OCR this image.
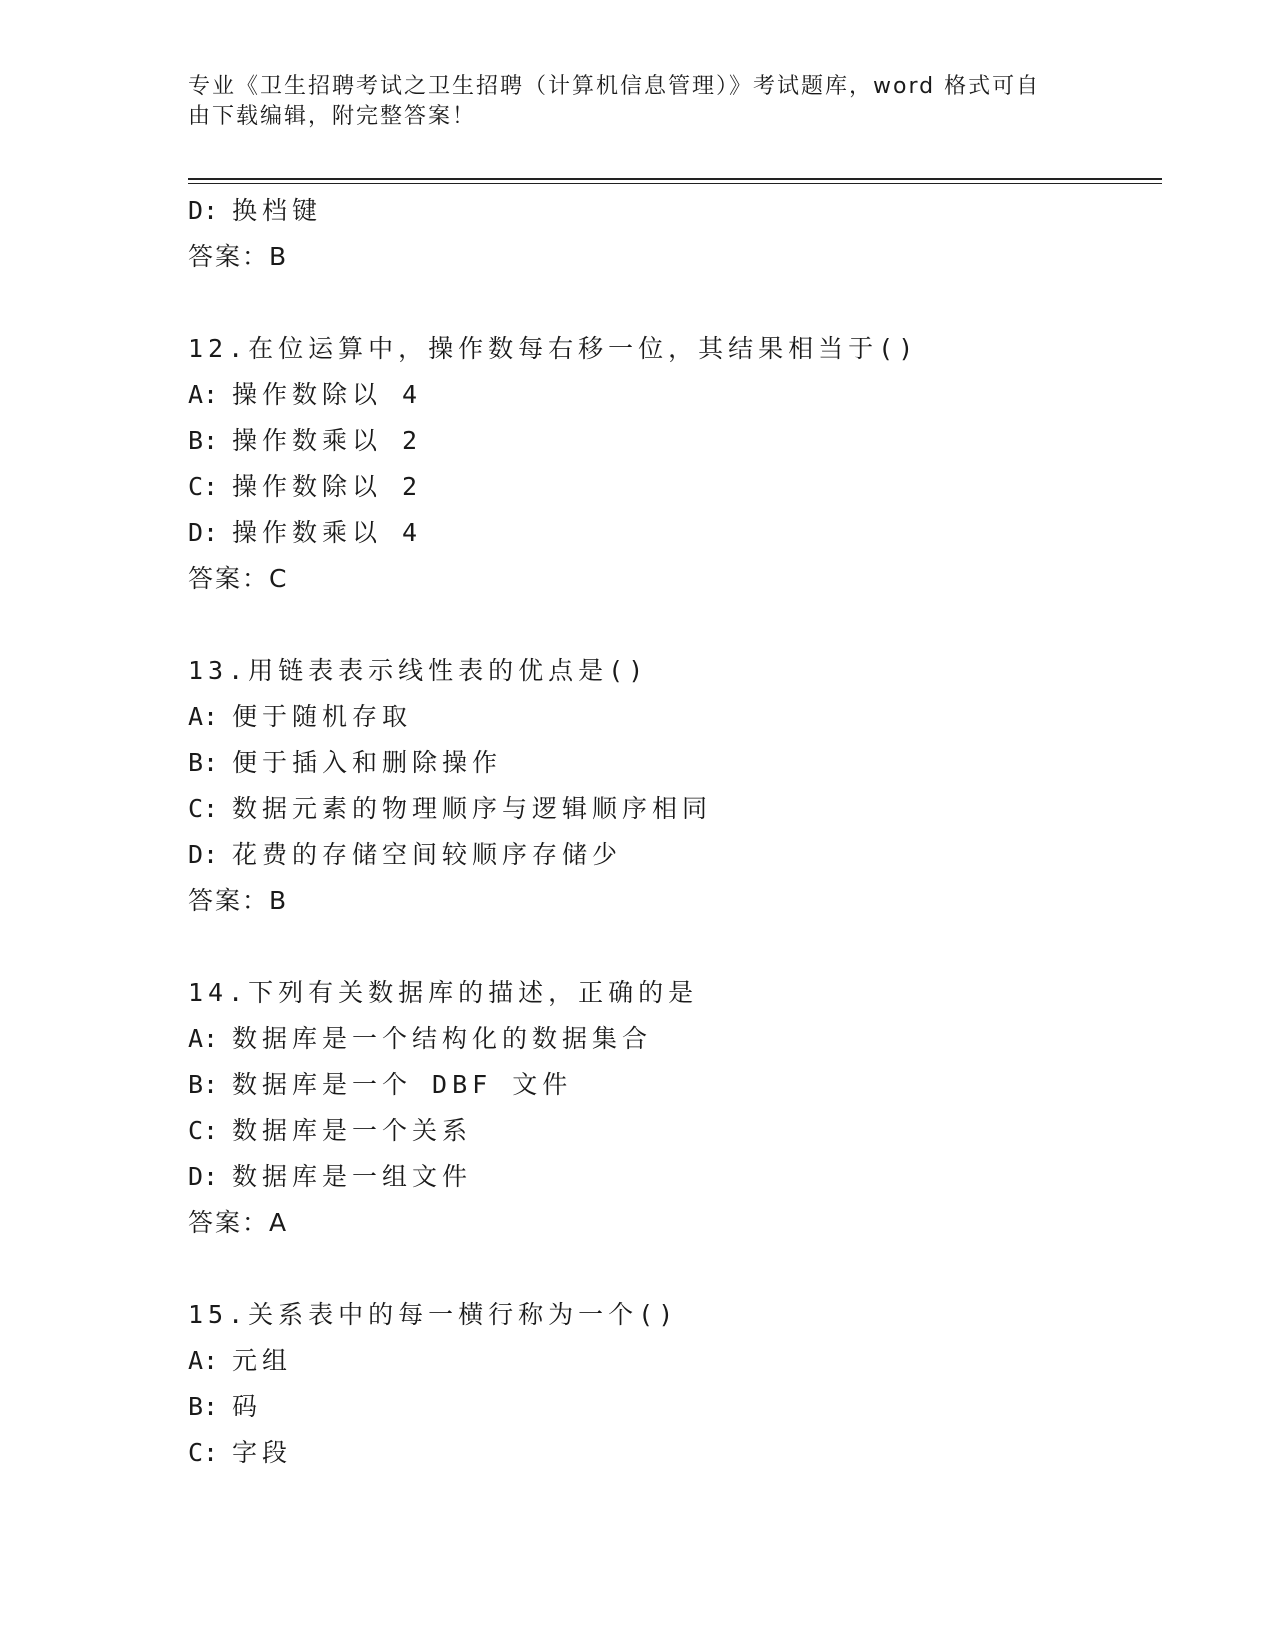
专业《卫生招聘考试之卫生招聘（计算机信息管理）》考试题库，word 格式可自
由下载编辑，附完整答案！
D: 换档键
答案：B
12.在位运算中，操作数每右移一位，其结果相当于()
A: 操作数除以 4
B: 操作数乘以 2
C: 操作数除以 2
D: 操作数乘以 4
答案：C
13.用链表表示线性表的优点是()
A: 便于随机存取
B: 便于插入和删除操作
C: 数据元素的物理顺序与逻辑顺序相同
D: 花费的存储空间较顺序存储少
答案：B
14.下列有关数据库的描述，正确的是
A: 数据库是一个结构化的数据集合
B: 数据库是一个 DBF 文件
C: 数据库是一个关系
D: 数据库是一组文件
答案：A
15.关系表中的每一横行称为一个()
A: 元组
B: 码
C: 字段
